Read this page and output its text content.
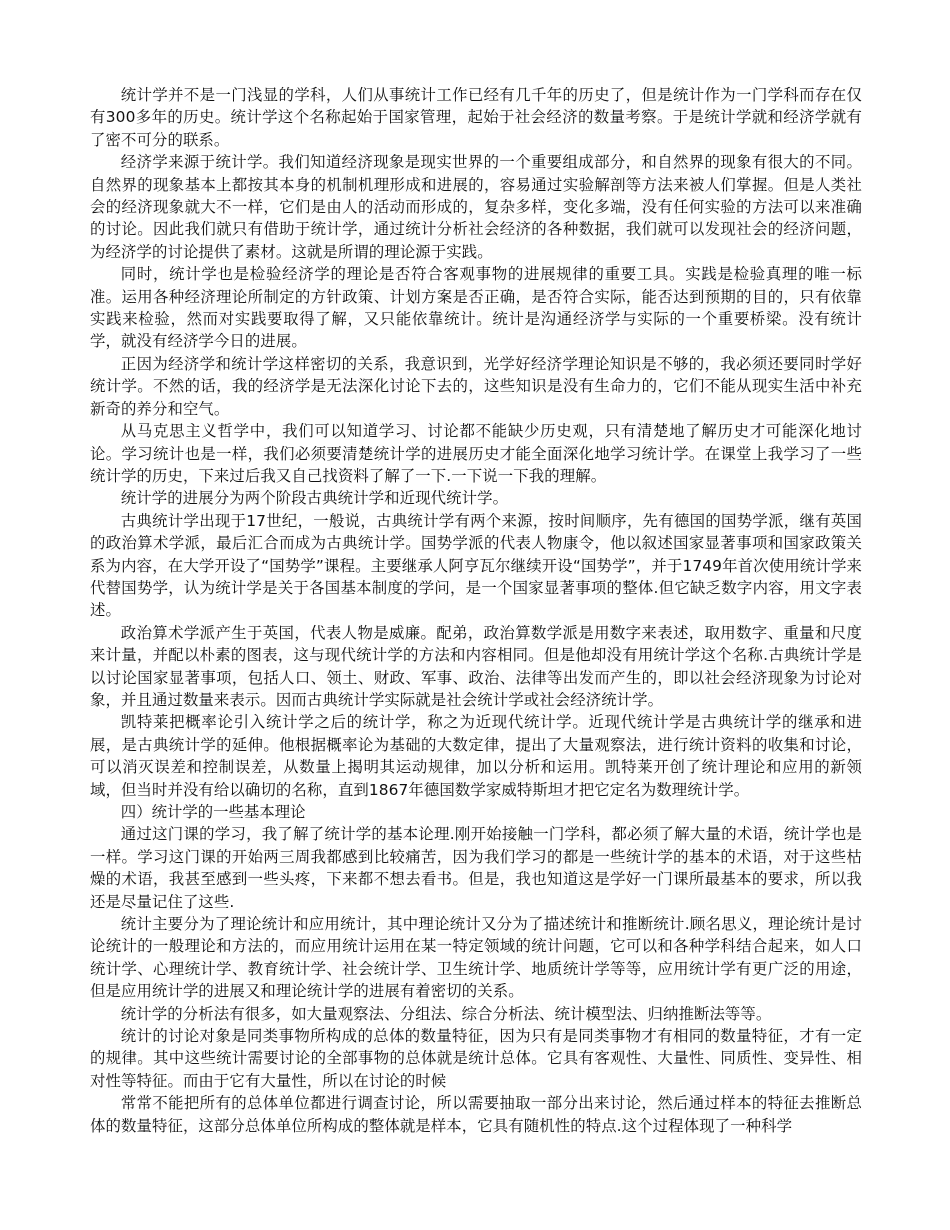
统计学并不是一门浅显的学科，人们从事统计工作已经有几千年的历史了，但是统计作为一门学科而存在仅有300多年的历史。统计学这个名称起始于国家管理，起始于社会经济的数量考察。于是统计学就和经济学就有了密不可分的联系。

经济学来源于统计学。我们知道经济现象是现实世界的一个重要组成部分，和自然界的现象有很大的不同。自然界的现象基本上都按其本身的机制机理形成和进展的，容易通过实验解剖等方法来被人们掌握。但是人类社会的经济现象就大不一样，它们是由人的活动而形成的，复杂多样，变化多端，没有任何实验的方法可以来准确的讨论。因此我们就只有借助于统计学，通过统计分析社会经济的各种数据，我们就可以发现社会的经济问题，为经济学的讨论提供了素材。这就是所谓的理论源于实践。

同时，统计学也是检验经济学的理论是否符合客观事物的进展规律的重要工具。实践是检验真理的唯一标准。运用各种经济理论所制定的方针政策、计划方案是否正确，是否符合实际，能否达到预期的目的，只有依靠实践来检验，然而对实践要取得了解，又只能依靠统计。统计是沟通经济学与实际的一个重要桥梁。没有统计学，就没有经济学今日的进展。

正因为经济学和统计学这样密切的关系，我意识到，光学好经济学理论知识是不够的，我必须还要同时学好统计学。不然的话，我的经济学是无法深化讨论下去的，这些知识是没有生命力的，它们不能从现实生活中补充新奇的养分和空气。

从马克思主义哲学中，我们可以知道学习、讨论都不能缺少历史观，只有清楚地了解历史才可能深化地讨论。学习统计也是一样，我们必须要清楚统计学的进展历史才能全面深化地学习统计学。在课堂上我学习了一些统计学的历史，下来过后我又自己找资料了解了一下.一下说一下我的理解。

统计学的进展分为两个阶段古典统计学和近现代统计学。

古典统计学出现于17世纪，一般说，古典统计学有两个来源，按时间顺序，先有德国的国势学派，继有英国的政治算术学派，最后汇合而成为古典统计学。国势学派的代表人物康令，他以叙述国家显著事项和国家政策关系为内容，在大学开设了“国势学”课程。主要继承人阿亨瓦尔继续开设“国势学”，并于1749年首次使用统计学来代替国势学，认为统计学是关于各国基本制度的学问，是一个国家显著事项的整体.但它缺乏数字内容，用文字表述。

政治算术学派产生于英国，代表人物是威廉。配弟，政治算数学派是用数字来表述，取用数字、重量和尺度来计量，并配以朴素的图表，这与现代统计学的方法和内容相同。但是他却没有用统计学这个名称.古典统计学是以讨论国家显著事项，包括人口、领土、财政、军事、政治、法律等出发而产生的，即以社会经济现象为讨论对象，并且通过数量来表示。因而古典统计学实际就是社会统计学或社会经济统计学。

凯特莱把概率论引入统计学之后的统计学，称之为近现代统计学。近现代统计学是古典统计学的继承和进展，是古典统计学的延伸。他根据概率论为基础的大数定律，提出了大量观察法，进行统计资料的收集和讨论，可以消灭误差和控制误差，从数量上揭明其运动规律，加以分析和运用。凯特莱开创了统计理论和应用的新领域，但当时并没有给以确切的名称，直到1867年德国数学家威特斯坦才把它定名为数理统计学。

四）统计学的一些基本理论

通过这门课的学习，我了解了统计学的基本论理.刚开始接触一门学科，都必须了解大量的术语，统计学也是一样。学习这门课的开始两三周我都感到比较痛苦，因为我们学习的都是一些统计学的基本的术语，对于这些枯燥的术语，我甚至感到一些头疼，下来都不想去看书。但是，我也知道这是学好一门课所最基本的要求，所以我还是尽量记住了这些.

统计主要分为了理论统计和应用统计，其中理论统计又分为了描述统计和推断统计.顾名思义，理论统计是讨论统计的一般理论和方法的，而应用统计运用在某一特定领域的统计问题，它可以和各种学科结合起来，如人口统计学、心理统计学、教育统计学、社会统计学、卫生统计学、地质统计学等等，应用统计学有更广泛的用途，但是应用统计学的进展又和理论统计学的进展有着密切的关系。

统计学的分析法有很多，如大量观察法、分组法、综合分析法、统计模型法、归纳推断法等等。

统计的讨论对象是同类事物所构成的总体的数量特征，因为只有是同类事物才有相同的数量特征，才有一定的规律。其中这些统计需要讨论的全部事物的总体就是统计总体。它具有客观性、大量性、同质性、变异性、相对性等特征。而由于它有大量性，所以在讨论的时候

常常不能把所有的总体单位都进行调查讨论，所以需要抽取一部分出来讨论，然后通过样本的特征去推断总体的数量特征，这部分总体单位所构成的整体就是样本，它具有随机性的特点.这个过程体现了一种科学
